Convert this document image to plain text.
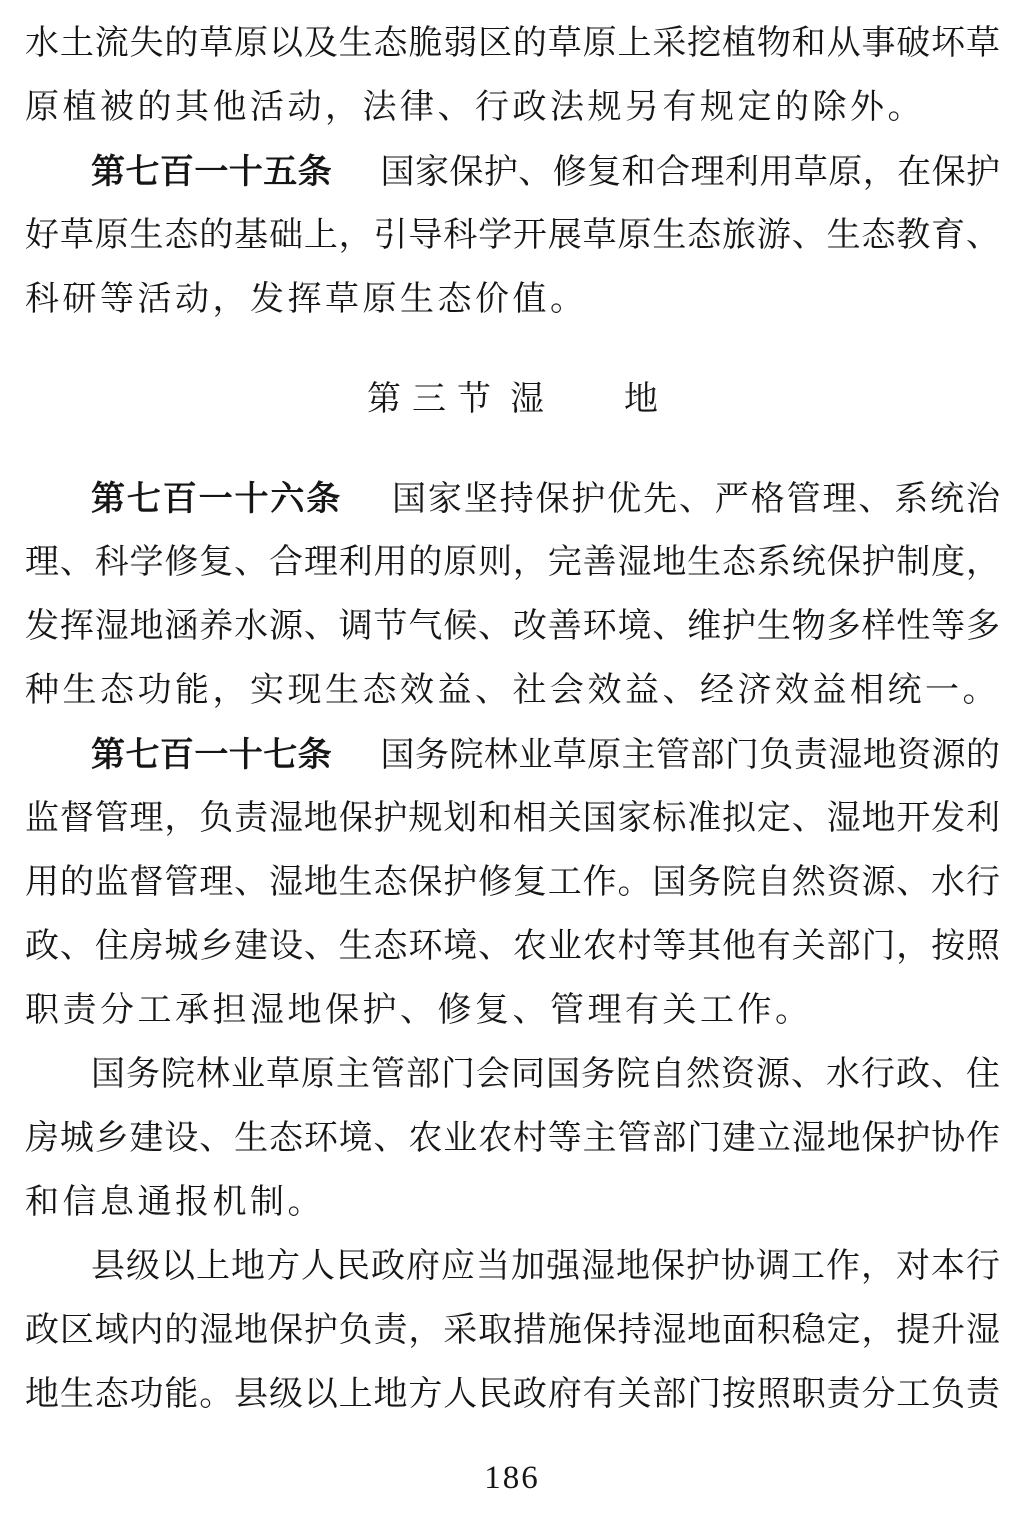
水土流失的草原以及生态脆弱区的草原上采挖植物和从事破坏草
原植被的其他活动，法律、行政法规另有规定的除外。
第七百一十五条 国家保护、修复和合理利用草原，在保护
好草原生态的基础上，引导科学开展草原生态旅游、生态教育、
科研等活动，发挥草原生态价值。
第三节 湿 地
第七百一十六条 国家坚持保护优先、严格管理、系统治
理、科学修复、合理利用的原则，完善湿地生态系统保护制度，
发挥湿地涵养水源、调节气候、改善环境、维护生物多样性等多
种生态功能，实现生态效益、社会效益、经济效益相统一。
第七百一十七条 国务院林业草原主管部门负责湿地资源的
监督管理，负责湿地保护规划和相关国家标准拟定、湿地开发利
用的监督管理、湿地生态保护修复工作。国务院自然资源、水行
政、住房城乡建设、生态环境、农业农村等其他有关部门，按照
职责分工承担湿地保护、修复、管理有关工作。
国务院林业草原主管部门会同国务院自然资源、水行政、住
房城乡建设、生态环境、农业农村等主管部门建立湿地保护协作
和信息通报机制。
县级以上地方人民政府应当加强湿地保护协调工作，对本行
政区域内的湿地保护负责，采取措施保持湿地面积稳定，提升湿
地生态功能。县级以上地方人民政府有关部门按照职责分工负责
186
